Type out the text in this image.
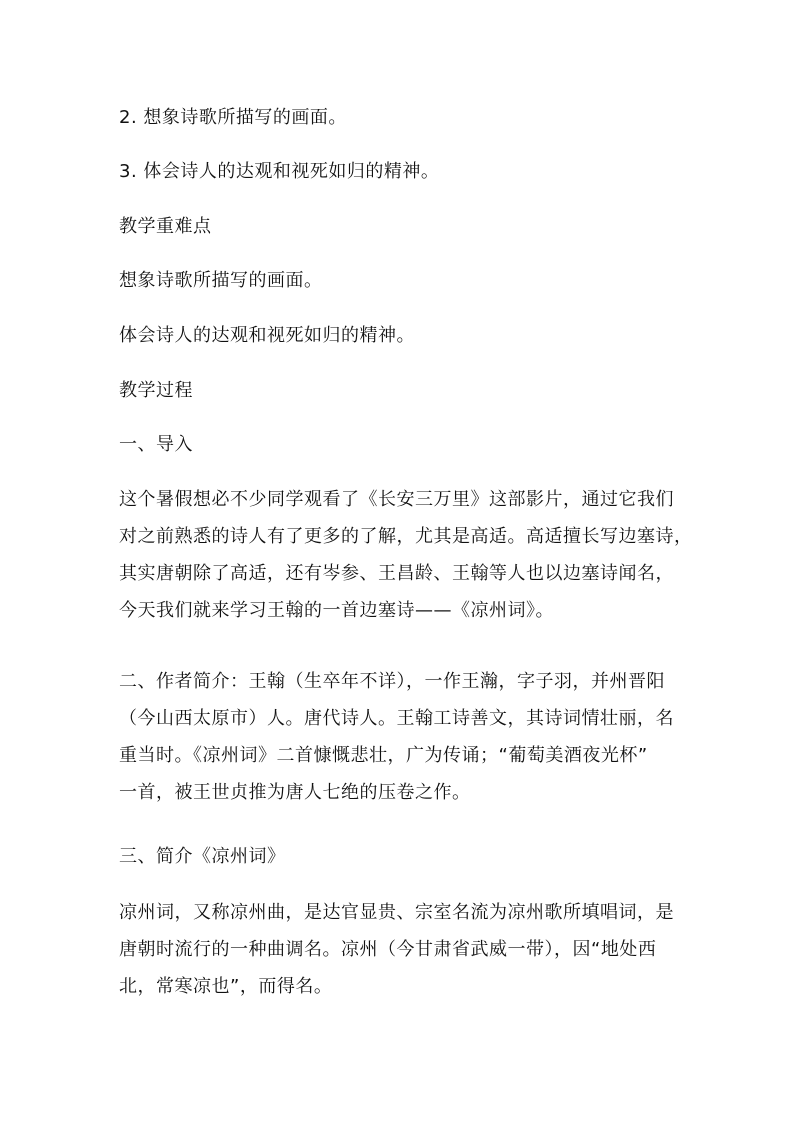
2. 想象诗歌所描写的画面。
3. 体会诗人的达观和视死如归的精神。
教学重难点
想象诗歌所描写的画面。
体会诗人的达观和视死如归的精神。
教学过程
一、导入
这个暑假想必不少同学观看了《长安三万里》这部影片，通过它我们
对之前熟悉的诗人有了更多的了解，尤其是高适。高适擅长写边塞诗，
其实唐朝除了高适，还有岑参、王昌龄、王翰等人也以边塞诗闻名，
今天我们就来学习王翰的一首边塞诗——《凉州词》。
二、作者简介：王翰（生卒年不详），一作王瀚，字子羽，并州晋阳
（今山西太原市）人。唐代诗人。王翰工诗善文，其诗词情壮丽，名
重当时。《凉州词》二首慷慨悲壮，广为传诵；“葡萄美酒夜光杯”
一首，被王世贞推为唐人七绝的压卷之作。
三、简介《凉州词》
凉州词，又称凉州曲，是达官显贵、宗室名流为凉州歌所填唱词，是
唐朝时流行的一种曲调名。凉州（今甘肃省武威一带），因“地处西
北，常寒凉也”，而得名。
